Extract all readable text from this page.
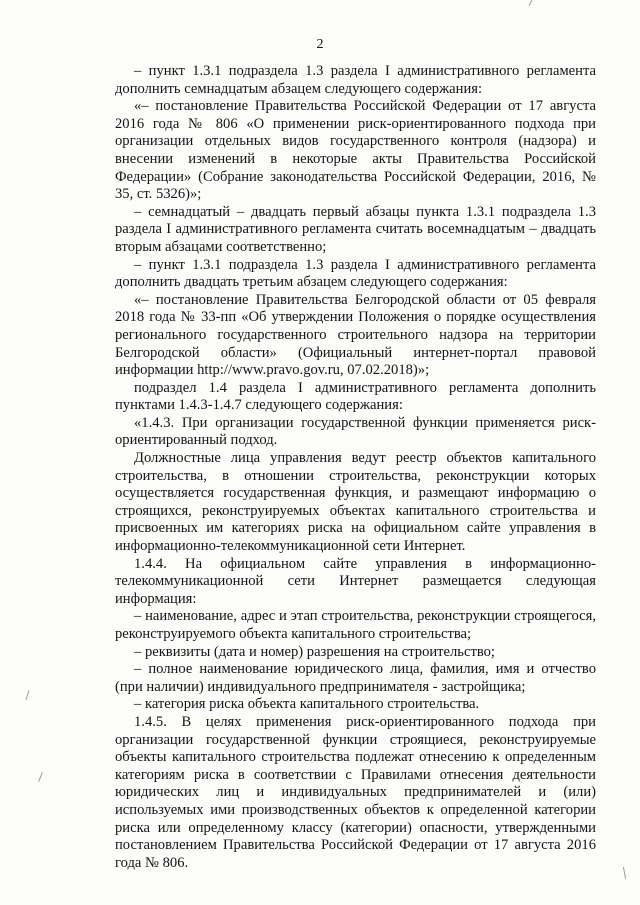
2

– пункт 1.3.1 подраздела 1.3 раздела I административного регламента дополнить семнадцатым абзацем следующего содержания:

«– постановление Правительства Российской Федерации от 17 августа 2016 года № 806 «О применении риск-ориентированного подхода при организации отдельных видов государственного контроля (надзора) и внесении изменений в некоторые акты Правительства Российской Федерации» (Собрание законодательства Российской Федерации, 2016, № 35, ст. 5326)»;

– семнадцатый – двадцать первый абзацы пункта 1.3.1 подраздела 1.3 раздела I административного регламента считать восемнадцатым – двадцать вторым абзацами соответственно;

– пункт 1.3.1 подраздела 1.3 раздела I административного регламента дополнить двадцать третьим абзацем следующего содержания:

«– постановление Правительства Белгородской области от 05 февраля 2018 года № 33-пп «Об утверждении Положения о порядке осуществления регионального государственного строительного надзора на территории Белгородской области» (Официальный интернет-портал правовой информации http://www.pravo.gov.ru, 07.02.2018)»;

подраздел 1.4 раздела I административного регламента дополнить пунктами 1.4.3-1.4.7 следующего содержания:

«1.4.3. При организации государственной функции применяется риск-ориентированный подход.

Должностные лица управления ведут реестр объектов капитального строительства, в отношении строительства, реконструкции которых осуществляется государственная функция, и размещают информацию о строящихся, реконструируемых объектах капитального строительства и присвоенных им категориях риска на официальном сайте управления в информационно-телекоммуникационной сети Интернет.

1.4.4. На официальном сайте управления в информационно-телекоммуникационной сети Интернет размещается следующая информация:

– наименование, адрес и этап строительства, реконструкции строящегося, реконструируемого объекта капитального строительства;

– реквизиты (дата и номер) разрешения на строительство;

– полное наименование юридического лица, фамилия, имя и отчество (при наличии) индивидуального предпринимателя - застройщика;

– категория риска объекта капитального строительства.

1.4.5. В целях применения риск-ориентированного подхода при организации государственной функции строящиеся, реконструируемые объекты капитального строительства подлежат отнесению к определенным категориям риска в соответствии с Правилами отнесения деятельности юридических лиц и индивидуальных предпринимателей и (или) используемых ими производственных объектов к определенной категории риска или определенному классу (категории) опасности, утвержденными постановлением Правительства Российской Федерации от 17 августа 2016 года № 806.
